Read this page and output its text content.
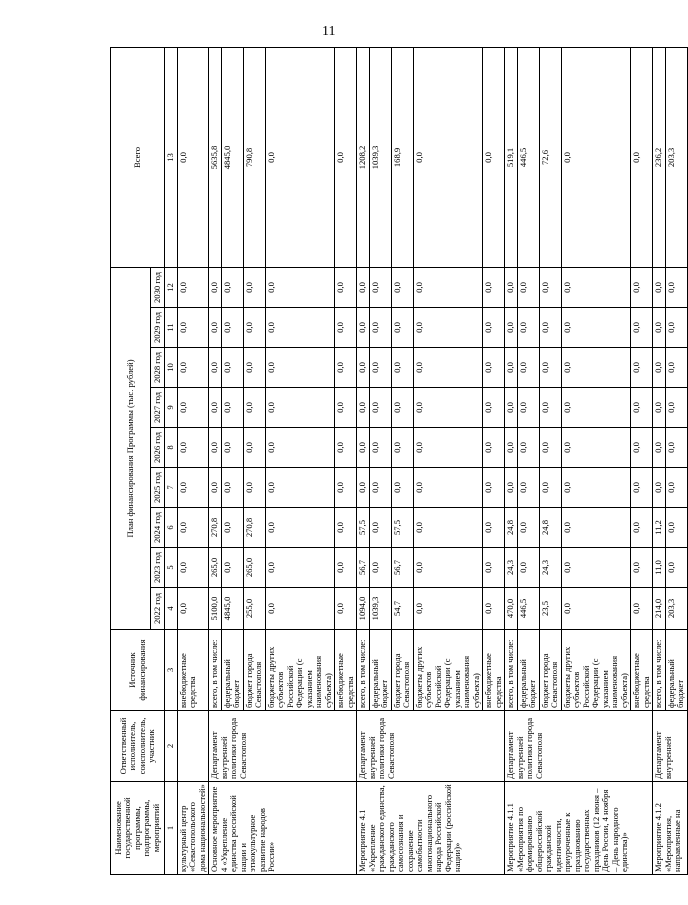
11
Наименование государственной программы, подпрограммы, мероприятий	Ответственный исполнитель, соисполнитель, участник	Источник финансирования	План финансирования Программы (тыс. рублей)									Всего
			2022 год	2023 год	2024 год	2025 год	2026 год	2027 год	2028 год	2029 год	2030 год	
1	2	3	4	5	6	7	8	9	10	11	12	13
культурный центр «Севастопольского дома национальностей»		внебюджетные средства	0,0	0,0	0,0	0,0	0,0	0,0	0,0	0,0	0,0	0,0
Основное мероприятие 4 «Укрепление единства российской нации и этнокультурное развитие народов России»	Департамент внутренней политики города Севастополя	всего, в том числе:	5100,0	265,0	270,8	0,0	0,0	0,0	0,0	0,0	0,0	5635,8
		федеральный бюджет	4845,0	0,0	0,0	0,0	0,0	0,0	0,0	0,0	0,0	4845,0
		бюджет города Севастополя	255,0	265,0	270,8	0,0	0,0	0,0	0,0	0,0	0,0	790,8
		бюджеты других субъектов Российской Федерации (с указанием наименования субъекта)	0,0	0,0	0,0	0,0	0,0	0,0	0,0	0,0	0,0	0,0
		внебюджетные средства	0,0	0,0	0,0	0,0	0,0	0,0	0,0	0,0	0,0	0,0
Мероприятие 4.1 «Укрепление гражданского единства, гражданского самосознания и сохранение самобытности многонационального народа Российской Федерации (российской нации)»	Департамент внутренней политики города Севастополя	всего, в том числе:	1094,0	56,7	57,5	0,0	0,0	0,0	0,0	0,0	0,0	1208,2
		федеральный бюджет	1039,3	0,0	0,0	0,0	0,0	0,0	0,0	0,0	0,0	1039,3
		бюджет города Севастополя	54,7	56,7	57,5	0,0	0,0	0,0	0,0	0,0	0,0	168,9
		бюджеты других субъектов Российской Федерации (с указанием наименования субъекта)	0,0	0,0	0,0	0,0	0,0	0,0	0,0	0,0	0,0	0,0
		внебюджетные средства	0,0	0,0	0,0	0,0	0,0	0,0	0,0	0,0	0,0	0,0
Мероприятие 4.1.1 «Мероприятия по формированию общероссийской гражданской идентичности, приуроченные к празднованию государственных праздников (12 июня – День России, 4 ноября – День народного единства)»	Департамент внутренней политики города Севастополя	всего, в том числе:	470,0	24,3	24,8	0,0	0,0	0,0	0,0	0,0	0,0	519,1
		федеральный бюджет	446,5	0,0	0,0	0,0	0,0	0,0	0,0	0,0	0,0	446,5
		бюджет города Севастополя	23,5	24,3	24,8	0,0	0,0	0,0	0,0	0,0	0,0	72,6
		бюджеты других субъектов Российской Федерации (с указанием наименования субъекта)	0,0	0,0	0,0	0,0	0,0	0,0	0,0	0,0	0,0	0,0
		внебюджетные средства	0,0	0,0	0,0	0,0	0,0	0,0	0,0	0,0	0,0	0,0
Мероприятие 4.1.2 «Мероприятия, направленные на	Департамент внутренней	всего, в том числе:	214,0	11,0	11,2	0,0	0,0	0,0	0,0	0,0	0,0	236,2
		федеральный бюджет	203,3	0,0	0,0	0,0	0,0	0,0	0,0	0,0	0,0	203,3
